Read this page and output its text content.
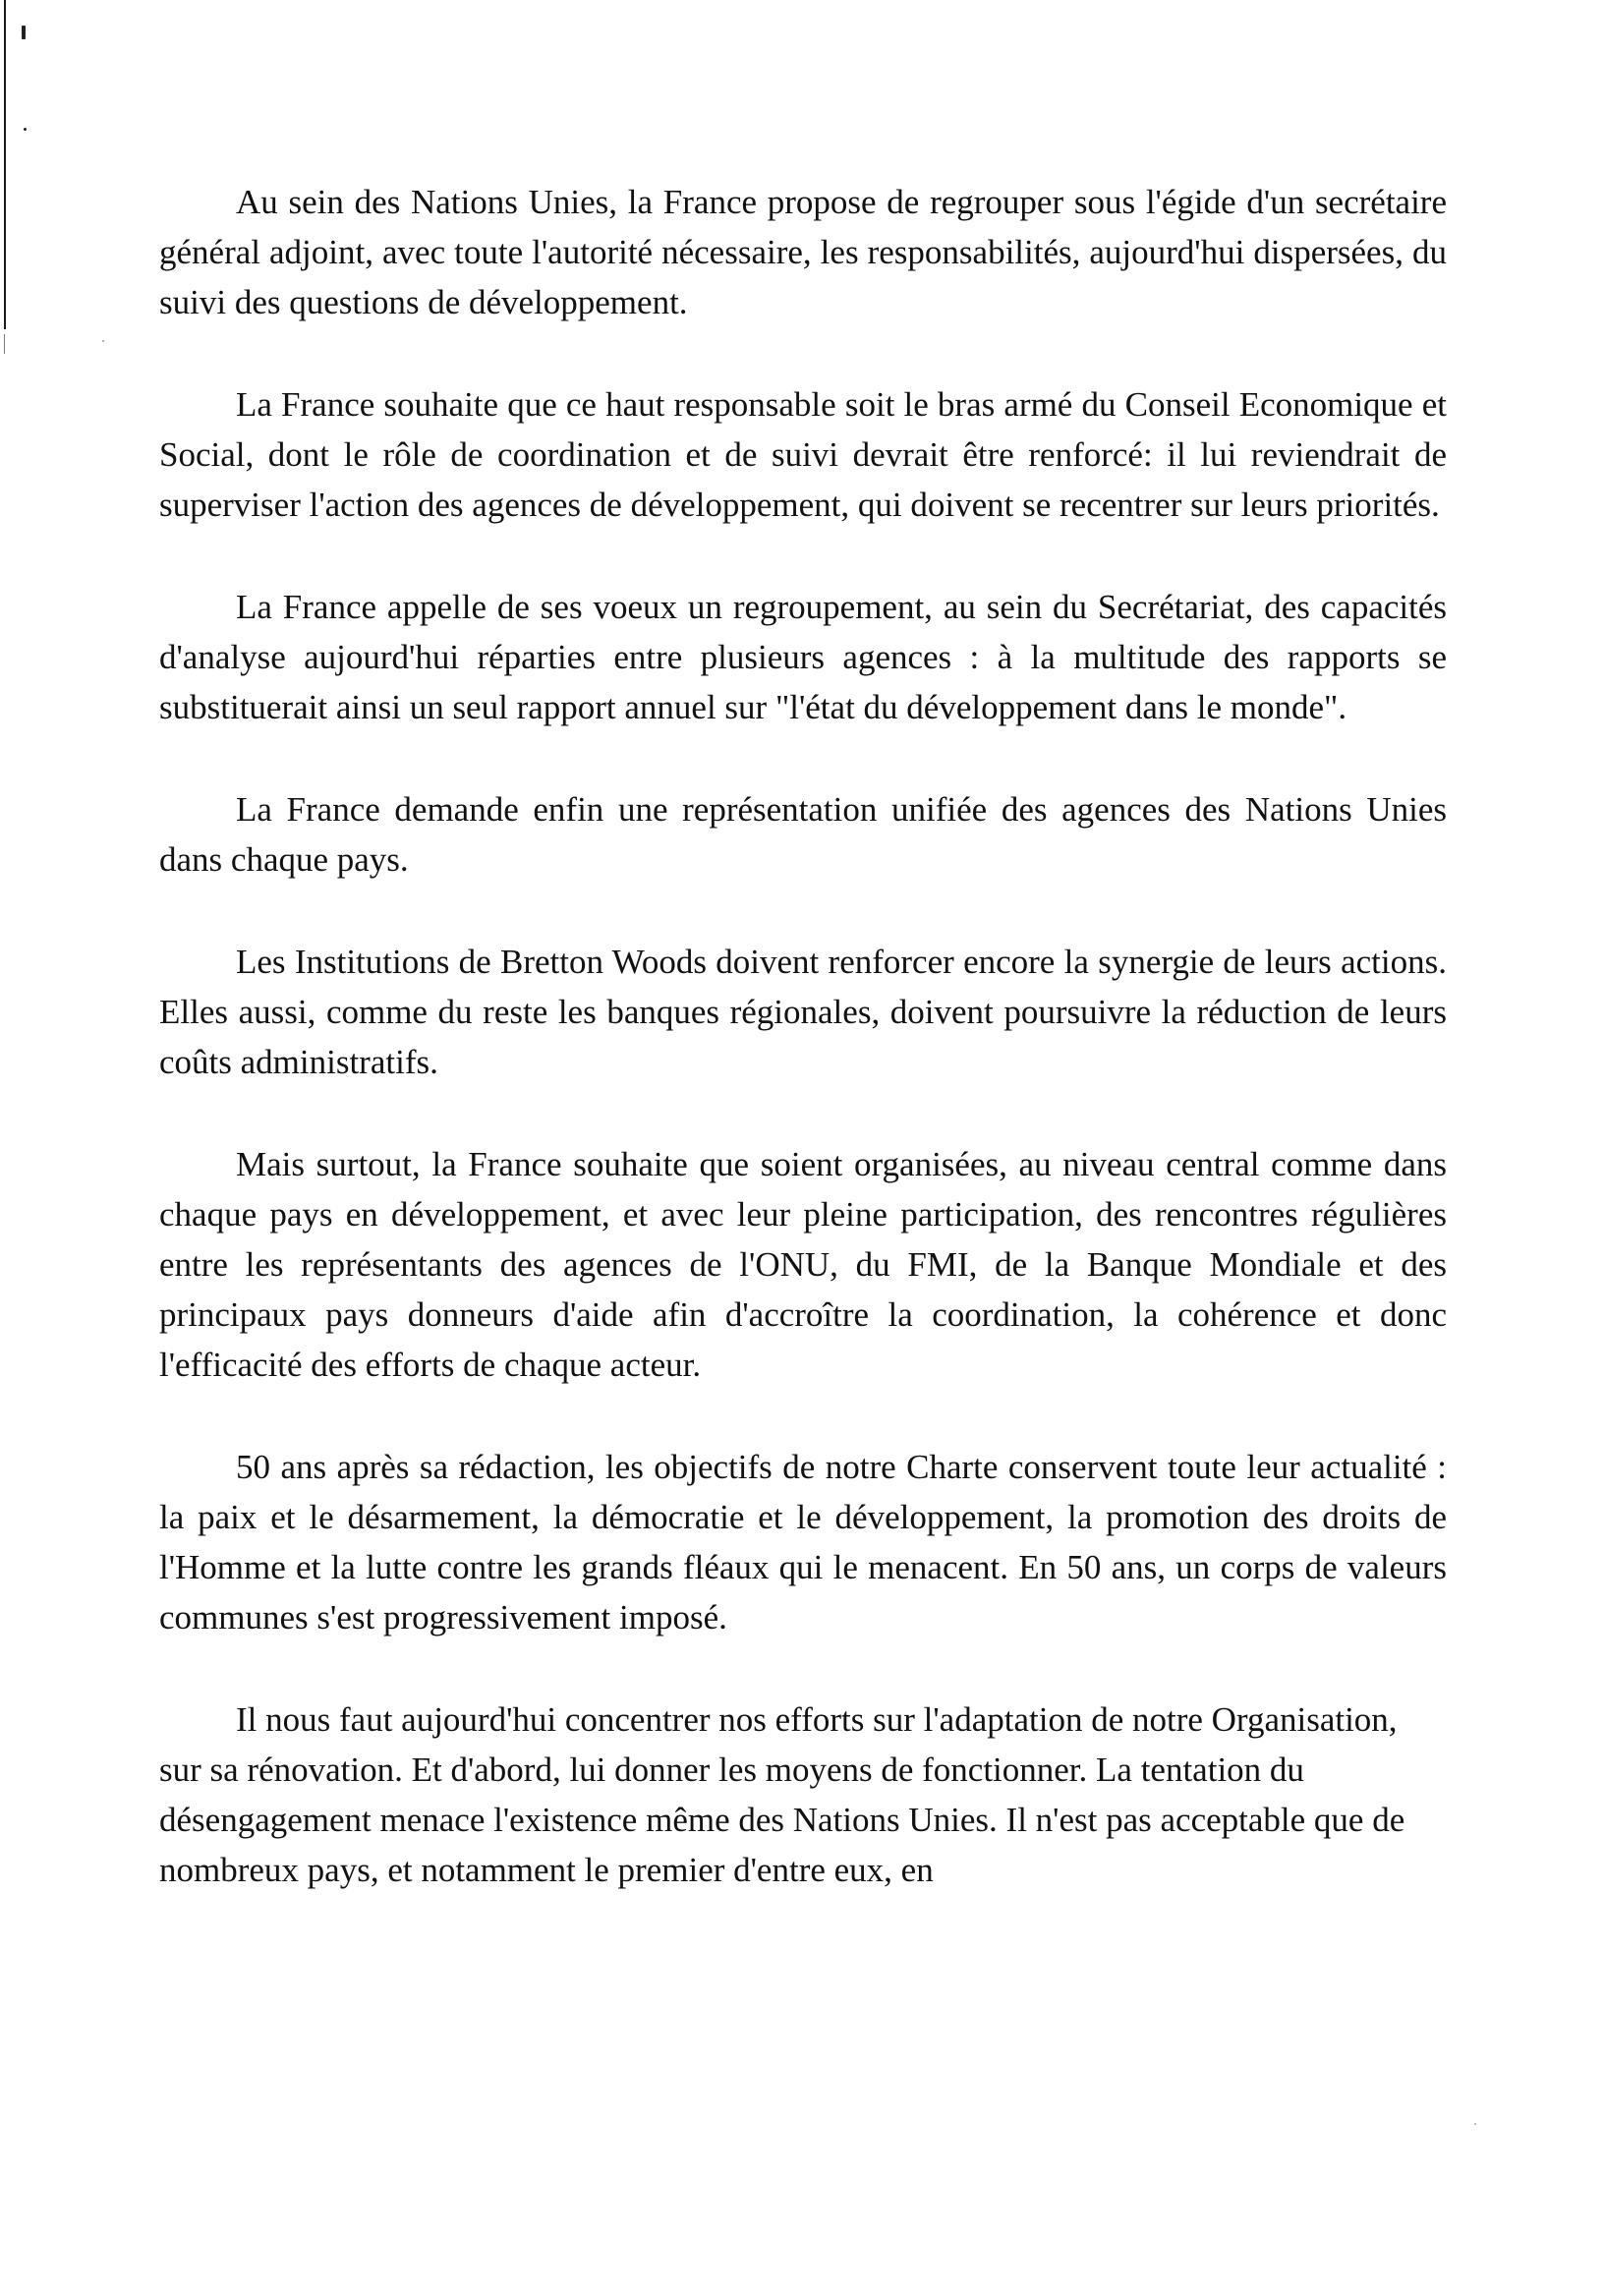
Au sein des Nations Unies, la France propose de regrouper sous l'égide d'un secrétaire général adjoint, avec toute l'autorité nécessaire, les responsabilités, aujourd'hui dispersées, du suivi des questions de développement.

La France souhaite que ce haut responsable soit le bras armé du Conseil Economique et Social, dont le rôle de coordination et de suivi devrait être renforcé: il lui reviendrait de superviser l'action des agences de développement, qui doivent se recentrer sur leurs priorités.

La France appelle de ses voeux un regroupement, au sein du Secrétariat, des capacités d'analyse aujourd'hui réparties entre plusieurs agences : à la multitude des rapports se substituerait ainsi un seul rapport annuel sur "l'état du développement dans le monde".

La France demande enfin une représentation unifiée des agences des Nations Unies dans chaque pays.

Les Institutions de Bretton Woods doivent renforcer encore la synergie de leurs actions. Elles aussi, comme du reste les banques régionales, doivent poursuivre la réduction de leurs coûts administratifs.

Mais surtout, la France souhaite que soient organisées, au niveau central comme dans chaque pays en développement, et avec leur pleine participation, des rencontres régulières entre les représentants des agences de l'ONU, du FMI, de la Banque Mondiale et des principaux pays donneurs d'aide afin d'accroître la coordination, la cohérence et donc l'efficacité des efforts de chaque acteur.

50 ans après sa rédaction, les objectifs de notre Charte conservent toute leur actualité : la paix et le désarmement, la démocratie et le développement, la promotion des droits de l'Homme et la lutte contre les grands fléaux qui le menacent. En 50 ans, un corps de valeurs communes s'est progressivement imposé.

Il nous faut aujourd'hui concentrer nos efforts sur l'adaptation de notre Organisation, sur sa rénovation. Et d'abord, lui donner les moyens de fonctionner. La tentation du désengagement menace l'existence même des Nations Unies. Il n'est pas acceptable que de nombreux pays, et notamment le premier d'entre eux, en
